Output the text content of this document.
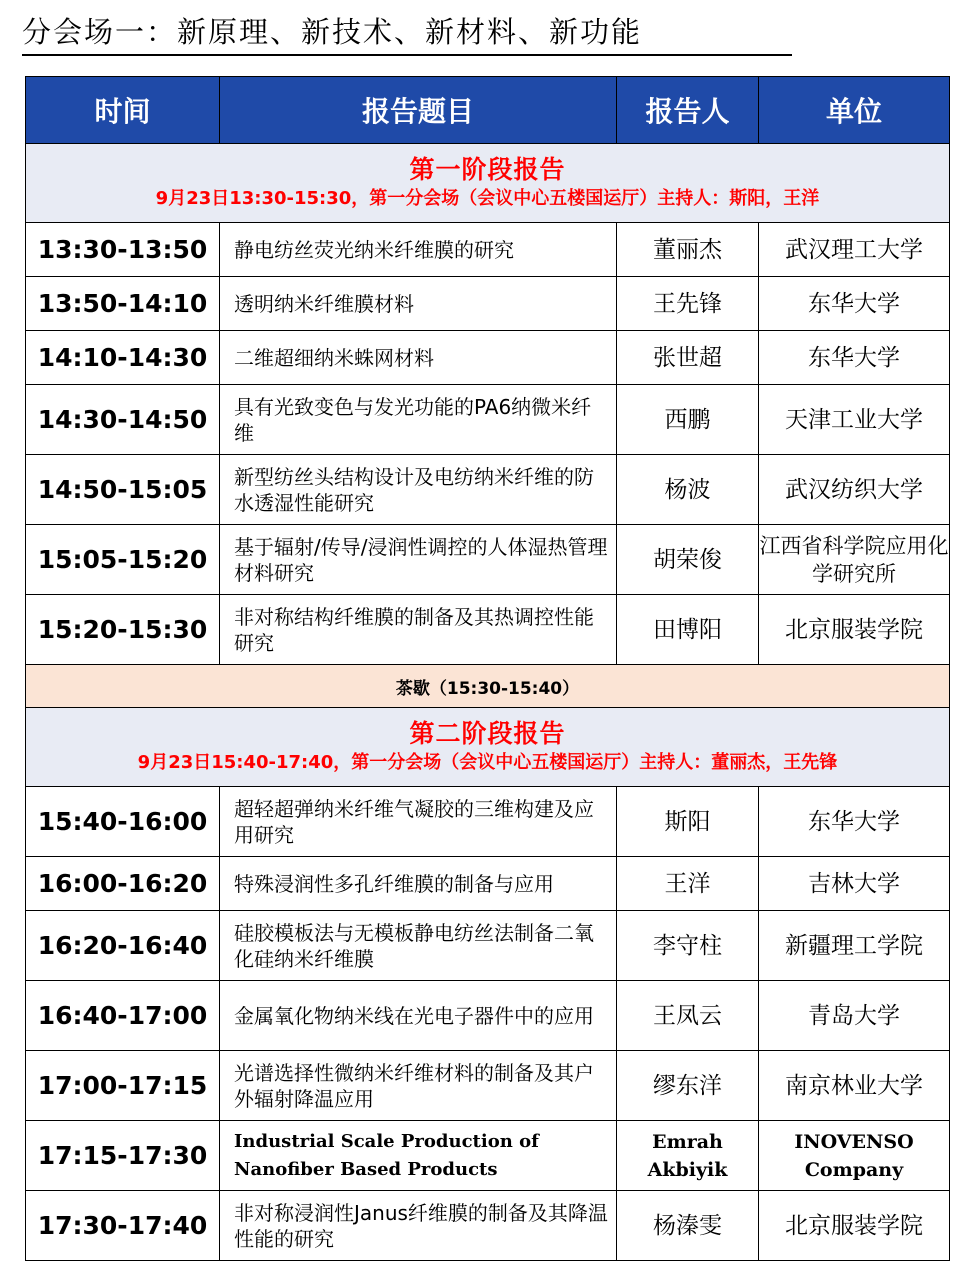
分会场一：新原理、新技术、新材料、新功能
时间	报告题目	报告人	单位

第一阶段报告
9月23日13:30-15:30，第一分会场（会议中心五楼国运厅）主持人：斯阳，王洋			

13:30-13:50	静电纺丝荧光纳米纤维膜的研究	董丽杰	武汉理工大学
13:50-14:10	透明纳米纤维膜材料	王先锋	东华大学
14:10-14:30	二维超细纳米蛛网材料	张世超	东华大学
14:30-14:50	具有光致变色与发光功能的PA6纳微米纤维	西鹏	天津工业大学
14:50-15:05	新型纺丝头结构设计及电纺纳米纤维的防水透湿性能研究	杨波	武汉纺织大学
15:05-15:20	基于辐射/传导/浸润性调控的人体湿热管理材料研究	胡荣俊	江西省科学院应用化学研究所
15:20-15:30	非对称结构纤维膜的制备及其热调控性能研究	田博阳	北京服装学院
茶歇（15:30-15:40）			

第二阶段报告
9月23日15:40-17:40，第一分会场（会议中心五楼国运厅）主持人：董丽杰，王先锋			

15:40-16:00	超轻超弹纳米纤维气凝胶的三维构建及应用研究	斯阳	东华大学
16:00-16:20	特殊浸润性多孔纤维膜的制备与应用	王洋	吉林大学
16:20-16:40	硅胶模板法与无模板静电纺丝法制备二氧化硅纳米纤维膜	李守柱	新疆理工学院
16:40-17:00	金属氧化物纳米线在光电子器件中的应用	王凤云	青岛大学
17:00-17:15	光谱选择性微纳米纤维材料的制备及其户外辐射降温应用	缪东洋	南京林业大学
17:15-17:30	Industrial Scale Production of Nanofiber Based Products	Emrah Akbiyik	INOVENSO Company
17:30-17:40	非对称浸润性Janus纤维膜的制备及其降温性能的研究	杨溱雯	北京服装学院
